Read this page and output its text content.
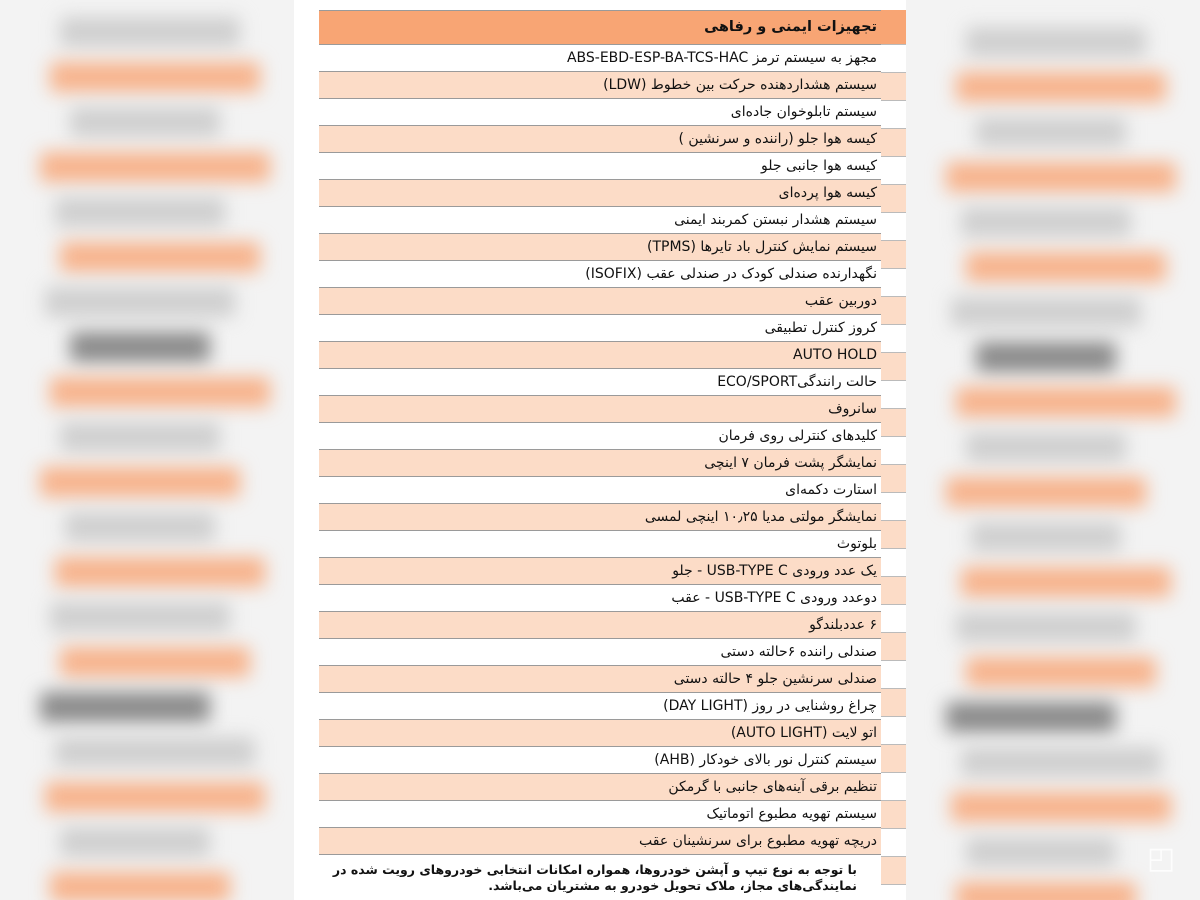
تجهیزات ایمنی و رفاهی
مجهز به سیستم ترمز ABS-EBD-ESP-BA-TCS-HAC
سیستم هشداردهنده حرکت بین خطوط (LDW)
سیستم تابلوخوان جاده‌ای
کیسه هوا جلو (راننده و سرنشین )
کیسه هوا جانبی جلو
کیسه هوا پرده‌ای
سیستم هشدار نبستن کمربند ایمنی
سیستم نمایش کنترل باد تایرها (TPMS)
نگهدارنده صندلی کودک در صندلی عقب (ISOFIX)
دوربین عقب
کروز کنترل تطبیقی
AUTO HOLD
حالت رانندگیECO/SPORT
سانروف
کلیدهای کنترلی روی فرمان
نمایشگر پشت فرمان ۷ اینچی
استارت دکمه‌ای
نمایشگر مولتی مدیا ۱۰٫۲۵ اینچی لمسی
بلوتوث
یک عدد ورودی USB-TYPE C - جلو
دوعدد ورودی USB-TYPE C - عقب
۶ عددبلندگو
صندلی راننده ۶حالته دستی
صندلی سرنشین جلو ۴ حالته دستی
چراغ روشنایی در روز (DAY LIGHT)
اتو لایت (AUTO LIGHT)
سیستم کنترل نور بالای خودکار (AHB)
تنظیم برقی آینه‌های جانبی با گرمکن
سیستم تهویه مطبوع اتوماتیک
دریچه تهویه مطبوع برای سرنشینان عقب
با توجه به نوع تیپ و آپشن خودروها، همواره امکانات انتخابی خودروهای رویت شده در نمایندگی‌های مجاز، ملاک تحویل خودرو به مشتریان می‌باشد.
◰
